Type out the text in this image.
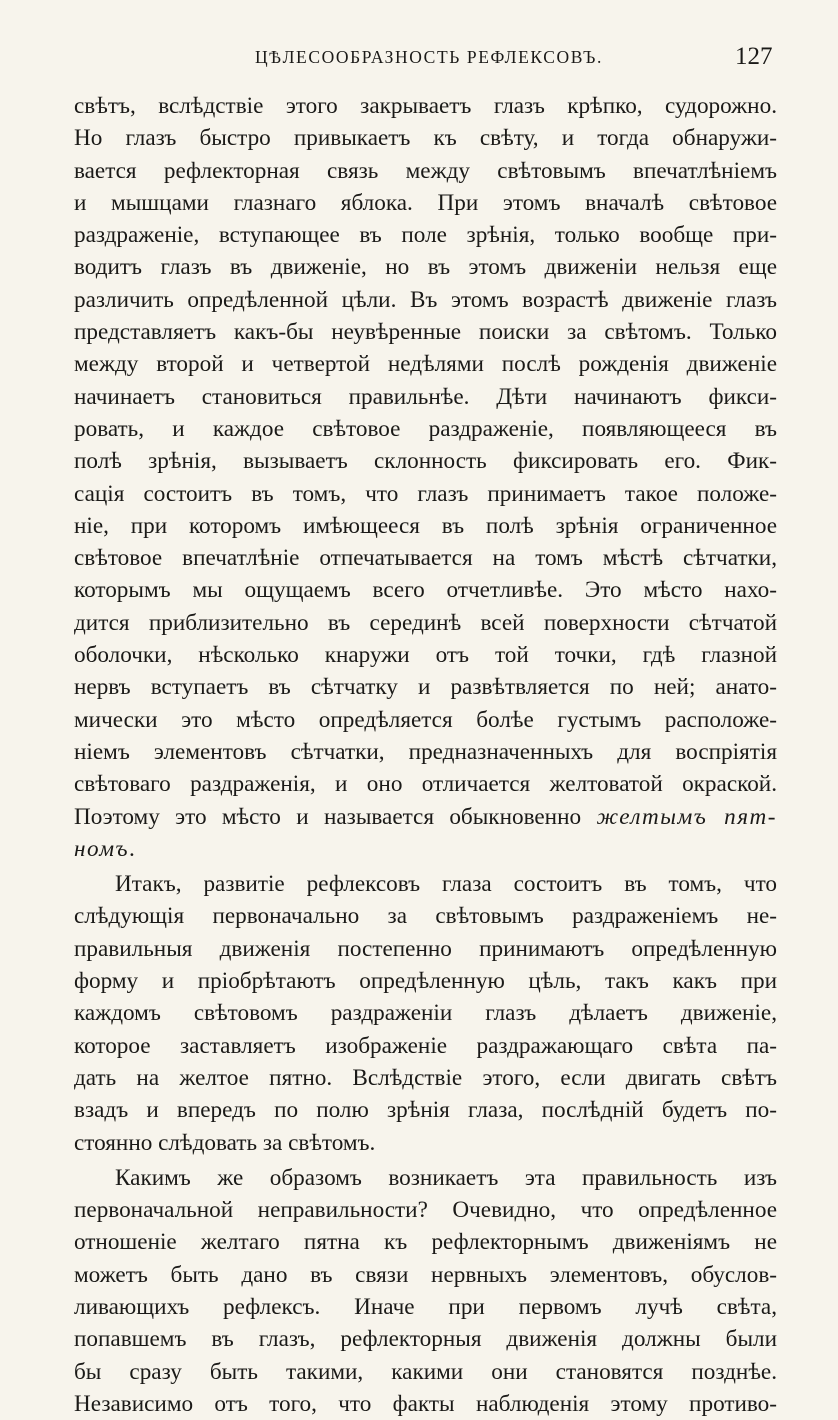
ЦѢЛЕСООБРАЗНОСТЬ РЕФЛЕКСОВЪ.	127
свѣтъ, вслѣдствіе этого закрываетъ глазъ крѣпко, судорожно.
Но глазъ быстро привыкаетъ къ свѣту, и тогда обнаружи-
вается рефлекторная связь между свѣтовымъ впечатлѣніемъ
и мышцами глазнаго яблока. При этомъ вначалѣ свѣтовое
раздраженіе, вступающее въ поле зрѣнія, только вообще при-
водитъ глазъ въ движеніе, но въ этомъ движеніи нельзя еще
различить опредѣленной цѣли. Въ этомъ возрастѣ движеніе глазъ
представляетъ какъ-бы неувѣренные поиски за свѣтомъ. Только
между второй и четвертой недѣлями послѣ рожденія движеніе
начинаетъ становиться правильнѣе. Дѣти начинаютъ фикси-
ровать, и каждое свѣтовое раздраженіе, появляющееся въ
полѣ зрѣнія, вызываетъ склонность фиксировать его. Фик-
сація состоитъ въ томъ, что глазъ принимаетъ такое положе-
ніе, при которомъ имѣющееся въ полѣ зрѣнія ограниченное
свѣтовое впечатлѣніе отпечатывается на томъ мѣстѣ сѣтчатки,
которымъ мы ощущаемъ всего отчетливѣе. Это мѣсто нахо-
дится приблизительно въ серединѣ всей поверхности сѣтчатой
оболочки, нѣсколько кнаружи отъ той точки, гдѣ глазной
нервъ вступаетъ въ сѣтчатку и развѣтвляется по ней; анато-
мически это мѣсто опредѣляется болѣе густымъ расположе-
ніемъ элементовъ сѣтчатки, предназначенныхъ для воспріятія
свѣтоваго раздраженія, и оно отличается желтоватой окраской.
Поэтому это мѣсто и называется обыкновенно желтымъ пят-
номъ.
Итакъ, развитіе рефлексовъ глаза состоитъ въ томъ, что
слѣдующія первоначально за свѣтовымъ раздраженіемъ не-
правильныя движенія постепенно принимаютъ опредѣленную
форму и пріобрѣтаютъ опредѣленную цѣль, такъ какъ при
каждомъ свѣтовомъ раздраженіи глазъ дѣлаетъ движеніе,
которое заставляетъ изображеніе раздражающаго свѣта па-
дать на желтое пятно. Вслѣдствіе этого, если двигать свѣтъ
взадъ и впередъ по полю зрѣнія глаза, послѣдній будетъ по-
стоянно слѣдовать за свѣтомъ.
Какимъ же образомъ возникаетъ эта правильность изъ
первоначальной неправильности? Очевидно, что опредѣленное
отношеніе желтаго пятна къ рефлекторнымъ движеніямъ не
можетъ быть дано въ связи нервныхъ элементовъ, обуслов-
ливающихъ рефлексъ. Иначе при первомъ лучѣ свѣта,
попавшемъ въ глазъ, рефлекторныя движенія должны были
бы сразу быть такими, какими они становятся позднѣе.
Независимо отъ того, что факты наблюденія этому противо-
